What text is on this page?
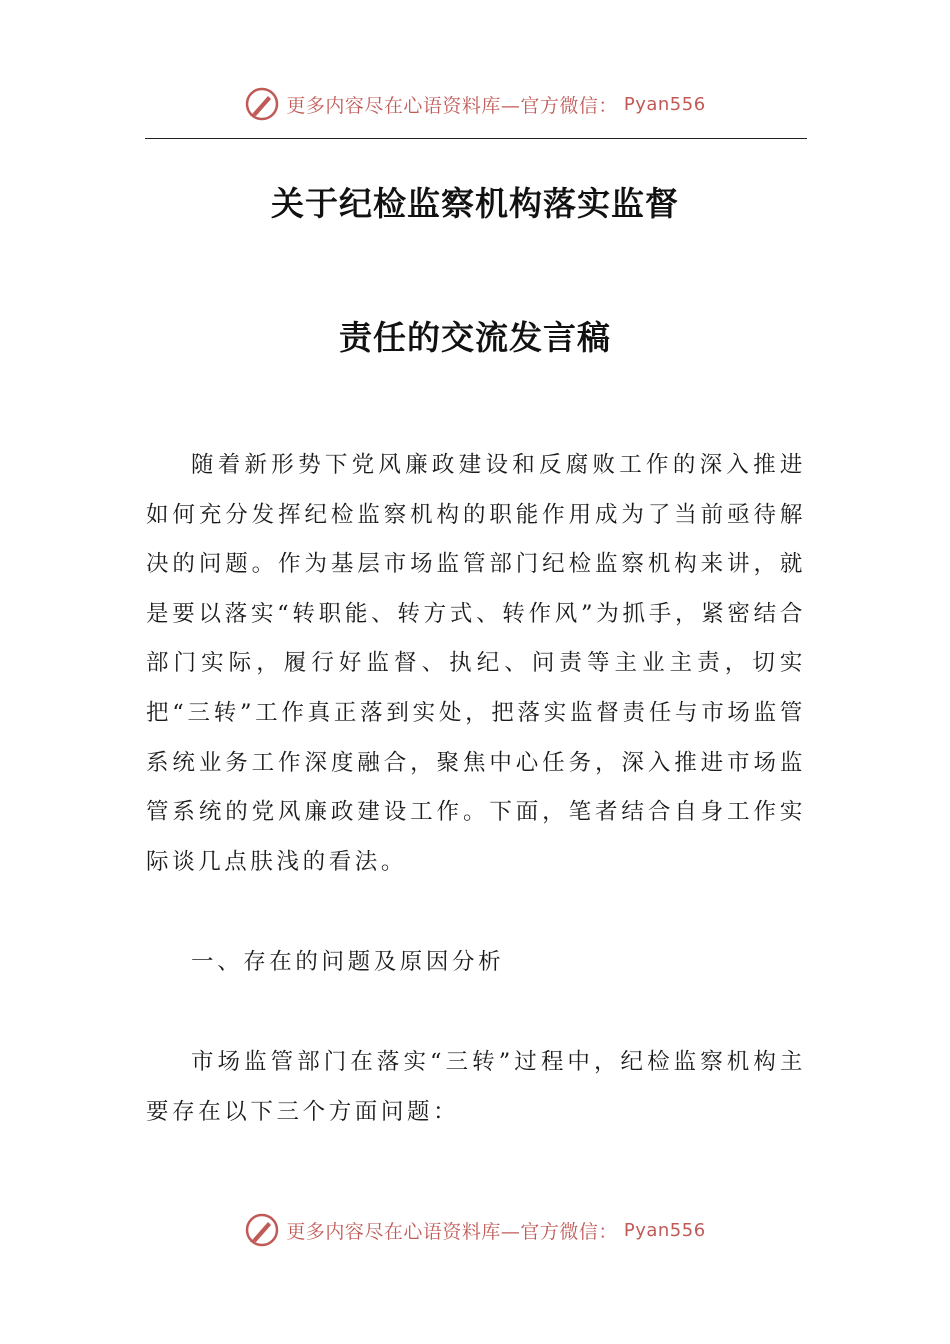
更多内容尽在心语资料库—官方微信： Pyan556
关于纪检监察机构落实监督
责任的交流发言稿

随着新形势下党风廉政建设和反腐败工作的深入推进如何充分发挥纪检监察机构的职能作用成为了当前亟待解决的问题。作为基层市场监管部门纪检监察机构来讲，就是要以落实“转职能、转方式、转作风”为抓手，紧密结合部门实际，履行好监督、执纪、问责等主业主责，切实把“三转”工作真正落到实处，把落实监督责任与市场监管系统业务工作深度融合，聚焦中心任务，深入推进市场监管系统的党风廉政建设工作。下面，笔者结合自身工作实际谈几点肤浅的看法。

一、存在的问题及原因分析

市场监管部门在落实“三转”过程中，纪检监察机构主要存在以下三个方面问题：

更多内容尽在心语资料库—官方微信： Pyan556
